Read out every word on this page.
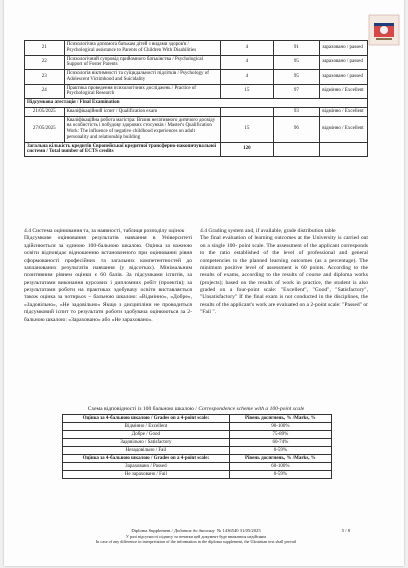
21	Психологічна допомога батькам дітей з видами здоров'я / Psychological assistance to Parents of Children With Disabilities	4	91	зараховано / passed
22	Психологічний супровід прийомного батьківства / Psychological Support of Foster Parents	4	95	зараховано / passed
23	Психологія віктимності та суїцидальності підлітків / Psychology of Adolescent Victimhood and Suicidality	4	95	зараховано / passed
24	Практика проведення психологічних досліджень / Practice of Psychological Research	15	97	відмінно / Excellent
Підсумкова атестація / Final Examination				
21/05/2025	Кваліфікаційний іспит / Qualification exam		93	відмінно / Excellent
27/05/2025	Кваліфікаційна робота магістра: Вплив негативного дитячого досвіду на особистість і побудову здорових стосунків / Master's Qualification Work: The influence of negative childhood experiences on adult personality and relationship building	15	96	відмінно / Excellent
Загальна кількість кредитів Європейської кредитної трансферно-накопичувальної системи / Total number of ECTS credits		120		

4.4 Система оцінювання та, за наявності, таблиця розподілу оцінок

Підсумкове оцінювання результатів навчання в Університеті здійснюється за єдиною 100-бальною шкалою. Оцінка за кожною освіти відповідає відношенню встановленого при оцінюванні рівня сформованості професійних та загальних компетентностей до запланованих результатів навчання (у відсотках). Мінімальним позитивним рівнем оцінки є 60 балів. За підсумками іспитів, за результатами виконання курсових і дипломних робіт (проектів); за результатами роботи на практиках здобувачу освіти виставляється також оцінка за чотирьох – бальною шкалою: «Відмінно», «Добре», «Задовільно», «Не задовільно» Якщо з дисципліни не проводиться підсумковий іспит то результати роботи здобувача оцінюються за 2-бальною шкалою: «Зараховано» або «Не зараховано».

4.4 Grading system and, if available, grade distribution table

The final evaluation of learning outcomes at the University is carried out on a single 100- point scale. The assessment of the applicant corresponds to the ratio established of the level of professional and general competencies to the planned learning outcomes (as a percentage). The minimum positive level of assessment is 60 points. According to the results of exams, according to the results of course and diploma works (projects); based on the results of work in practice, the student is also graded on a four-point scale: "Excellent", "Good", "Satisfactory", "Unsatisfactory" If the final exam is not conducted in the disciplines, the results of the applicant's work are evaluated on a 2-point scale: "Passed" or "Fail ".

Схема відповідності із 100 бальною шкалою / Correspondence scheme with a 100-point scale
Оцінка за 4-бальною шкалою / Grades on a 4-point scale:	Рівень досягнень, % /Marks, %
Відмінно / Excellent	90-100%
Добре / Good	75-89%
Задовільно / Satisfactory	60-74%
Незадовільно / Fail	0-59%
Оцінка за 4-бальною шкалою / Grades on a 4-point scale:	Рівень досягнень, % /Marks, %
Зараховано / Passed	60-100%
Не зараховано / Fail	0-59%
Diploma Supplement / Додаток до диплому № 1436540 31/05/2025	5 / 8
У разі відсутності підпису та печатки цей документ буде вважатися недійсним
In case of any difference in interpretation of the information in the diploma supplement, the Ukrainian text shall prevail
